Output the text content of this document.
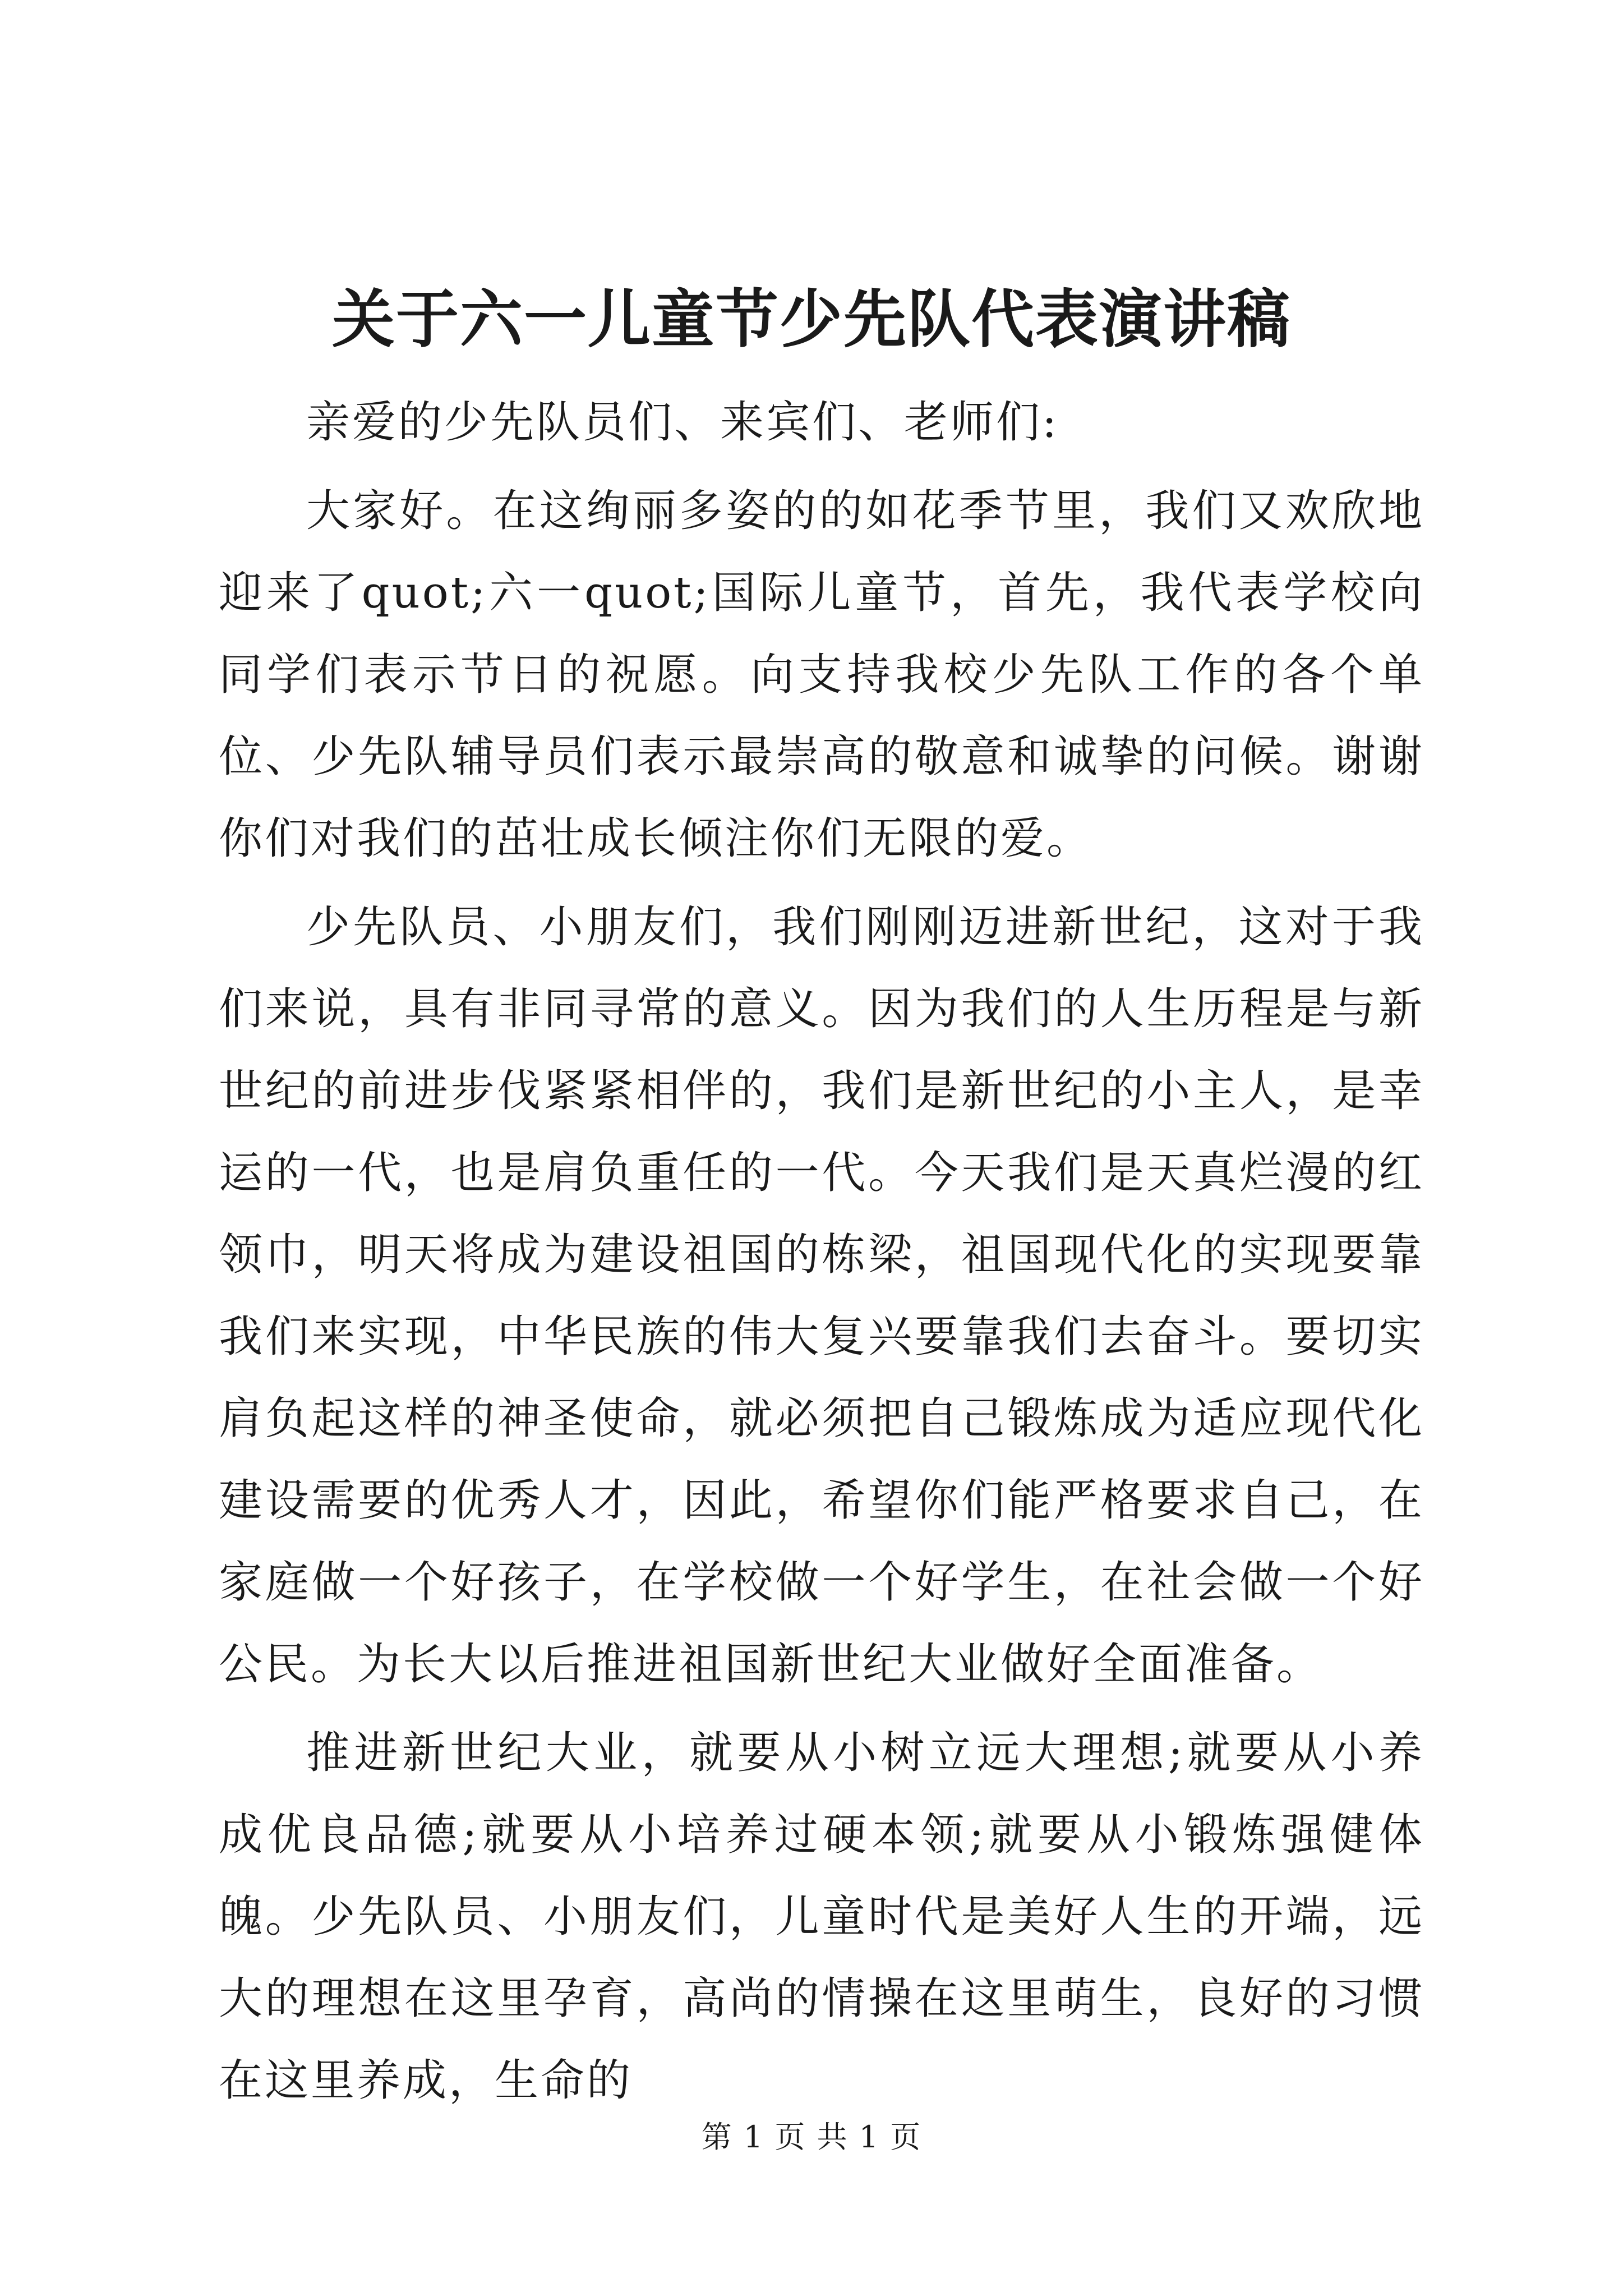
关于六一儿童节少先队代表演讲稿

亲爱的少先队员们、来宾们、老师们:

大家好。在这绚丽多姿的的如花季节里，我们又欢欣地迎来了quot;六一quot;国际儿童节，首先，我代表学校向同学们表示节日的祝愿。向支持我校少先队工作的各个单位、少先队辅导员们表示最崇高的敬意和诚挚的问候。谢谢你们对我们的茁壮成长倾注你们无限的爱。

少先队员、小朋友们，我们刚刚迈进新世纪，这对于我们来说，具有非同寻常的意义。因为我们的人生历程是与新世纪的前进步伐紧紧相伴的，我们是新世纪的小主人，是幸运的一代，也是肩负重任的一代。今天我们是天真烂漫的红领巾，明天将成为建设祖国的栋梁，祖国现代化的实现要靠我们来实现，中华民族的伟大复兴要靠我们去奋斗。要切实肩负起这样的神圣使命，就必须把自己锻炼成为适应现代化建设需要的优秀人才，因此，希望你们能严格要求自己，在家庭做一个好孩子，在学校做一个好学生，在社会做一个好公民。为长大以后推进祖国新世纪大业做好全面准备。

推进新世纪大业，就要从小树立远大理想;就要从小养成优良品德;就要从小培养过硬本领;就要从小锻炼强健体魄。少先队员、小朋友们，儿童时代是美好人生的开端，远大的理想在这里孕育，高尚的情操在这里萌生，良好的习惯在这里养成，生命的

第 1 页 共 1 页
